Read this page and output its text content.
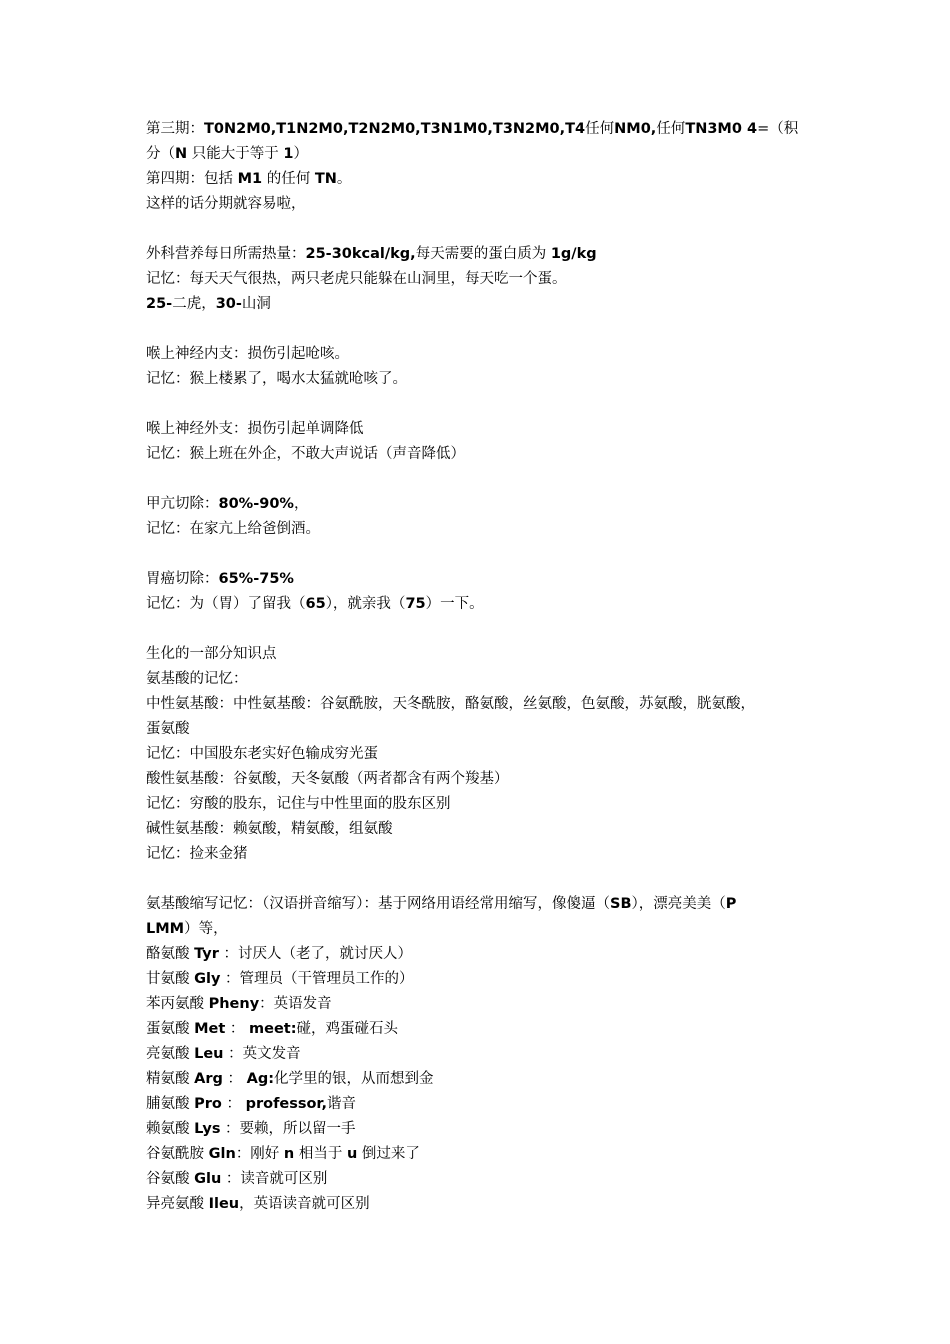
第三期：T0N2M0,T1N2M0,T2N2M0,T3N1M0,T3N2M0,T4任何NM0,任何TN3M0 4=（积
分（N 只能大于等于 1）
第四期：包括 M1 的任何 TN。
这样的话分期就容易啦，
外科营养每日所需热量：25-30kcal/kg,每天需要的蛋白质为 1g/kg
记忆：每天天气很热，两只老虎只能躲在山洞里，每天吃一个蛋。
25-二虎，30-山洞
喉上神经内支：损伤引起呛咳。
记忆：猴上楼累了，喝水太猛就呛咳了。
喉上神经外支：损伤引起单调降低
记忆：猴上班在外企，不敢大声说话（声音降低）
甲亢切除：80%-90%，
记忆：在家亢上给爸倒酒。
胃癌切除：65%-75%
记忆：为（胃）了留我（65），就亲我（75）一下。
生化的一部分知识点
氨基酸的记忆：
中性氨基酸：中性氨基酸：谷氨酰胺，天冬酰胺，酪氨酸，丝氨酸，色氨酸，苏氨酸，胱氨酸，
蛋氨酸
记忆：中国股东老实好色输成穷光蛋
酸性氨基酸：谷氨酸，天冬氨酸（两者都含有两个羧基）
记忆：穷酸的股东，记住与中性里面的股东区别
碱性氨基酸：赖氨酸，精氨酸，组氨酸
记忆：捡来金猪
氨基酸缩写记忆：（汉语拼音缩写）：基于网络用语经常用缩写，像傻逼（SB），漂亮美美（P
LMM）等，
酪氨酸 Tyr ：讨厌人（老了，就讨厌人）
甘氨酸 Gly ：管理员（干管理员工作的）
苯丙氨酸 Pheny：英语发音
蛋氨酸 Met ： meet:碰，鸡蛋碰石头
亮氨酸 Leu ：英文发音
精氨酸 Arg ： Ag:化学里的银，从而想到金
脯氨酸 Pro ： professor,谐音
赖氨酸 Lys ：要赖，所以留一手
谷氨酰胺 Gln：刚好 n 相当于 u 倒过来了
谷氨酸 Glu ：读音就可区别
异亮氨酸 Ileu，英语读音就可区别
